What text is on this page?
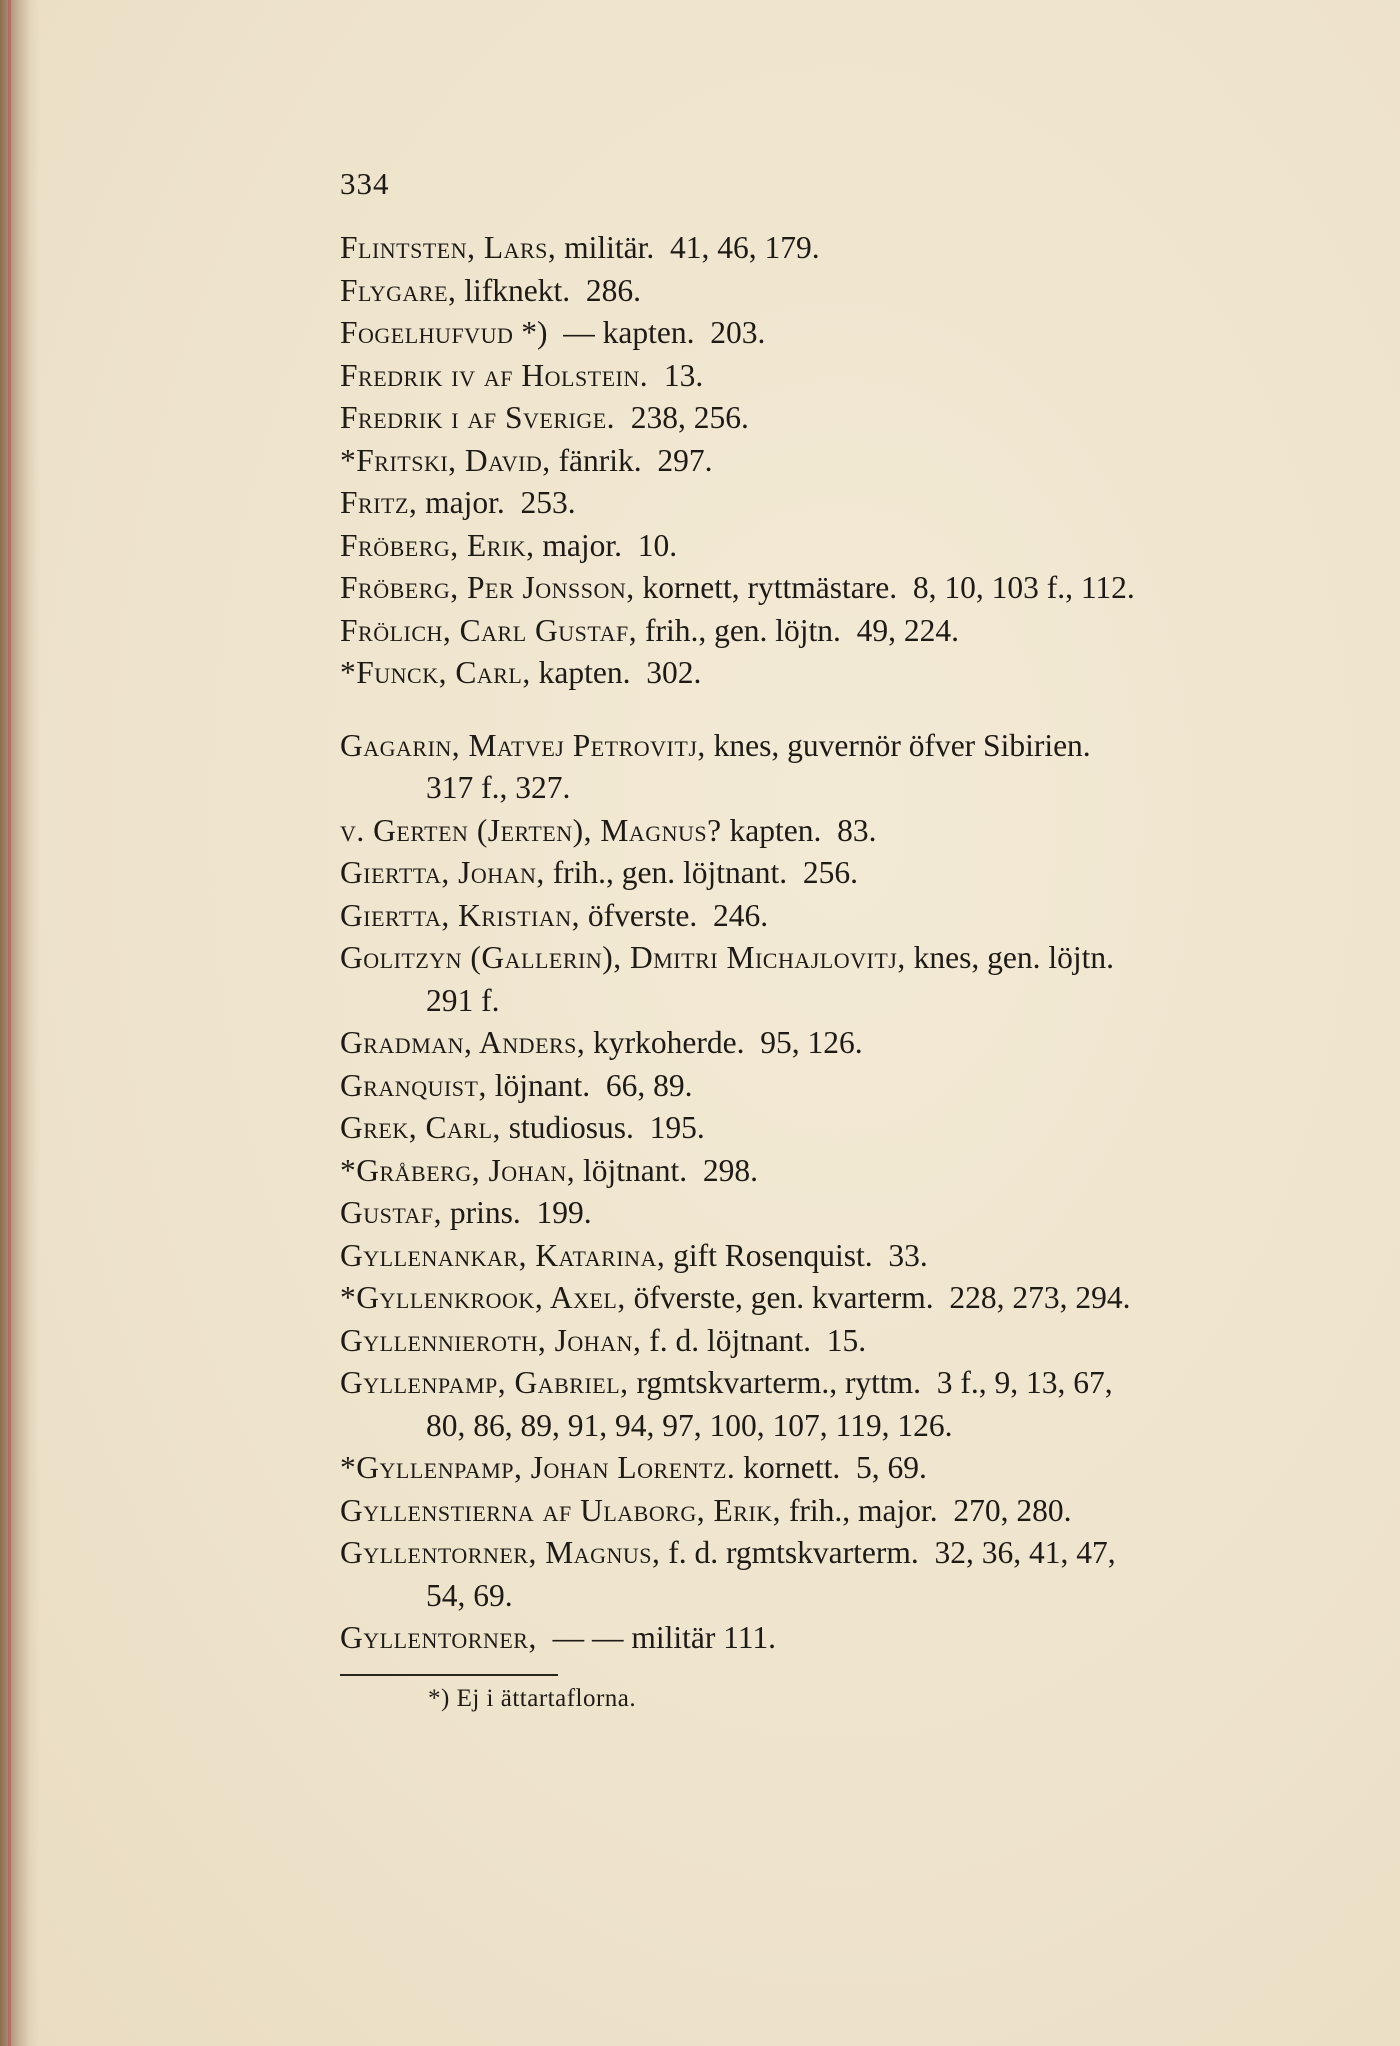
334
Flintsten, Lars, militär.  41, 46, 179.
Flygare, lifknekt.  286.
Fogelhufvud *)  — kapten.  203.
Fredrik iv af Holstein.  13.
Fredrik i af Sverige.  238, 256.
*Fritski, David, fänrik.  297.
Fritz, major.  253.
Fröberg, Erik, major.  10.
Fröberg, Per Jonsson, kornett, ryttmästare.  8, 10, 103 f., 112.
Frölich, Carl Gustaf, frih., gen. löjtn.  49, 224.
*Funck, Carl, kapten.  302.
Gagarin, Matvej Petrovitj, knes, guvernör öfver Sibirien.
317 f., 327.
v. Gerten (Jerten), Magnus? kapten.  83.
Giertta, Johan, frih., gen. löjtnant.  256.
Giertta, Kristian, öfverste.  246.
Golitzyn (Gallerin), Dmitri Michajlovitj, knes, gen. löjtn.
291 f.
Gradman, Anders, kyrkoherde.  95, 126.
Granquist, löjnant.  66, 89.
Grek, Carl, studiosus.  195.
*Gråberg, Johan, löjtnant.  298.
Gustaf, prins.  199.
Gyllenankar, Katarina, gift Rosenquist.  33.
*Gyllenkrook, Axel, öfverste, gen. kvarterm.  228, 273, 294.
Gyllennieroth, Johan, f. d. löjtnant.  15.
Gyllenpamp, Gabriel, rgmtskvarterm., ryttm.  3 f., 9, 13, 67,
80, 86, 89, 91, 94, 97, 100, 107, 119, 126.
*Gyllenpamp, Johan Lorentz. kornett.  5, 69.
Gyllenstierna af Ulaborg, Erik, frih., major.  270, 280.
Gyllentorner, Magnus, f. d. rgmtskvarterm.  32, 36, 41, 47,
54, 69.
Gyllentorner,  — — militär 111.
*) Ej i ättartaflorna.
